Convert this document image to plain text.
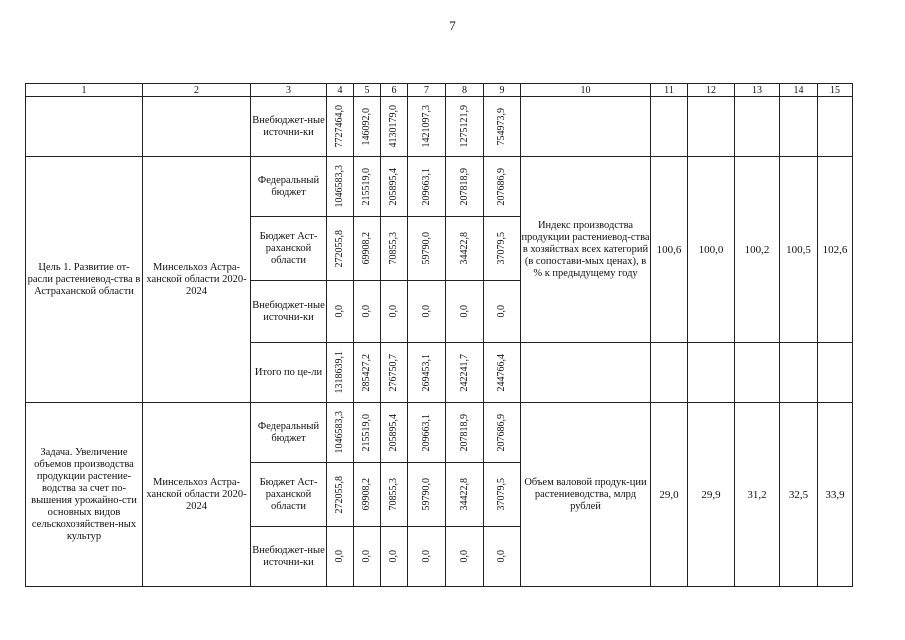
7
1	2	3	4	5	6	7	8	9	10	11	12	13	14	15
		Внебюджет-ные источни-ки	7727464,0	146092,0	4130179,0	1421097,3	1275121,9	754973,9						

Цель 1. Развитие от-расли растениевод-ства в Астраханской области	Минсельхоз Астра-ханской области 2020-2024	Федеральный бюджет	1046583,3	215519,0	205895,4	209663,1	207818,9	207686,9	Индекс производства продукции растениевод-ства в хозяйствах всех категорий (в сопостави-мых ценах), в % к предыдущему году	100,6	100,0	100,2	100,5	102,6
		Бюджет Аст-раханской области	272055,8	69908,2	70855,3	59790,0	34422,8	37079,5						

		Внебюджет-ные источни-ки	0,0	0,0	0,0	0,0	0,0	0,0						

		Итого по це-ли	1318639,1	285427,2	276750,7	269453,1	242241,7	244766,4						

Задача. Увеличение объемов производства продукции растение-водства за счет по-вышения урожайно-сти основных видов сельскохозяйствен-ных культур	Минсельхоз Астра-ханской области 2020-2024	Федеральный бюджет	1046583,3	215519,0	205895,4	209663,1	207818,9	207686,9	Объем валовой продук-ции растениеводства, млрд рублей	29,0	29,9	31,2	32,5	33,9
		Бюджет Аст-раханской области	272055,8	69908,2	70855,3	59790,0	34422,8	37079,5						

		Внебюджет-ные источни-ки	0,0	0,0	0,0	0,0	0,0	0,0						
